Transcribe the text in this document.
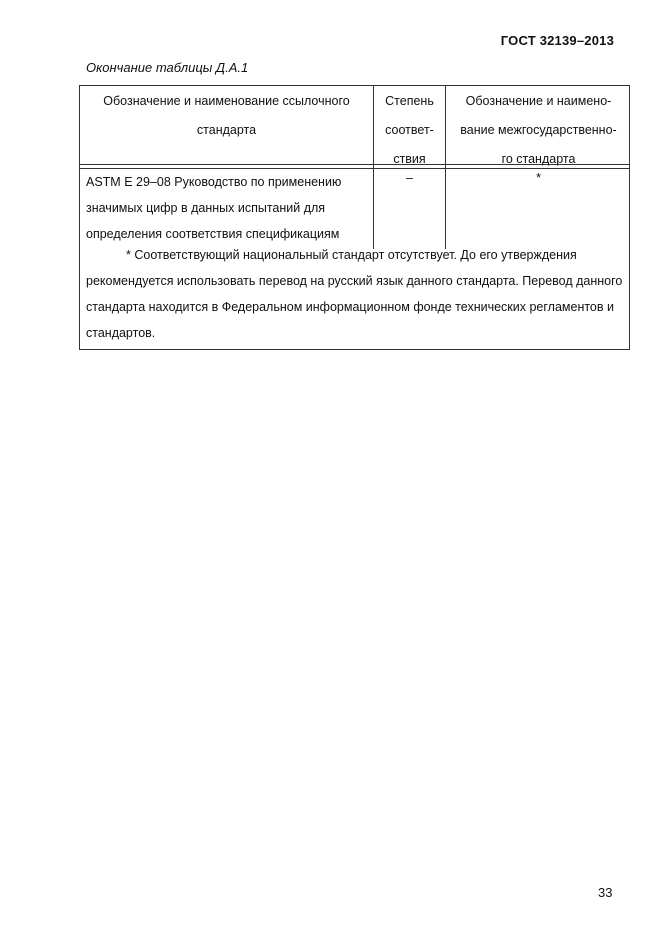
ГОСТ 32139–2013
Окончание таблицы Д.А.1
Обозначение и наименование ссылочного
стандарта
Степень
соответ-
ствия
Обозначение и наимено-
вание межгосударственно-
го стандарта
ASTM E 29–08 Руководство по применению
значимых цифр в данных испытаний для
определения соответствия спецификациям
–	*
* Соответствующий национальный стандарт отсутствует. До его утверждения рекомендуется использовать перевод на русский язык данного стандарта. Перевод данного стандарта находится в Федеральном информационном фонде технических регламентов и стандартов.
33
